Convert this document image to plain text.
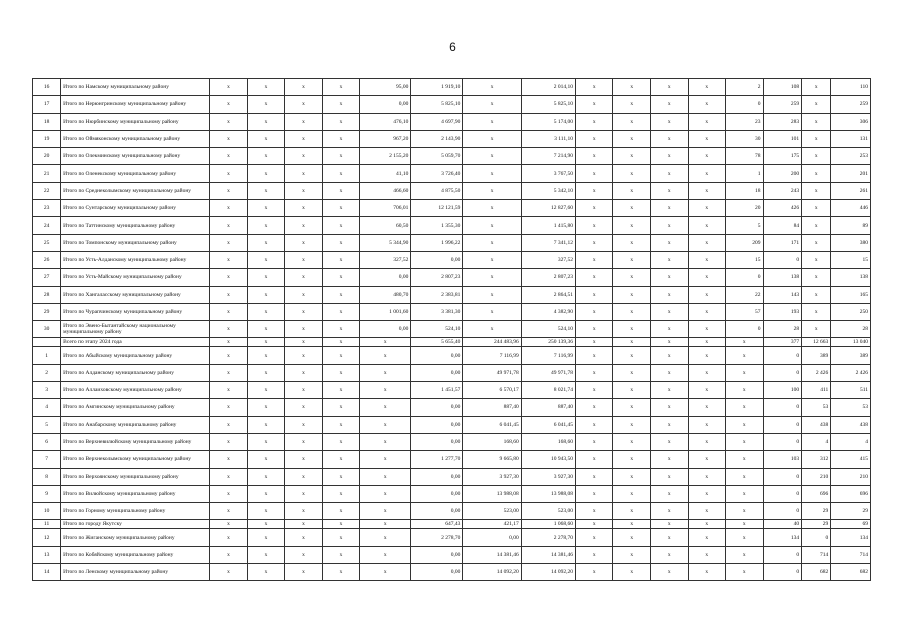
6
16	Итого по Намскому муниципальному району	x	x	x	x	95,00	1 919,10	x	2 014,10	x	x	x	x	2	108	x	110
17	Итого по Нерюнгринскому муниципальному району	x	x	x	x	0,00	5 825,10	x	5 825,10	x	x	x	x	0	259	x	259
18	Итого по Нюрбинскому муниципальному району	x	x	x	x	476,10	4 697,90	x	5 174,00	x	x	x	x	23	283	x	306
19	Итого по Оймяконскому муниципальному району	x	x	x	x	967,20	2 143,90	x	3 111,10	x	x	x	x	30	101	x	131
20	Итого по Олекминскому муниципальному району	x	x	x	x	2 155,20	5 059,70	x	7 214,90	x	x	x	x	78	175	x	253
21	Итого по Оленекскому муниципальному району	x	x	x	x	41,10	3 726,40	x	3 767,50	x	x	x	x	1	200	x	201
22	Итого по Среднеколымскому муниципальному району	x	x	x	x	466,60	4 875,50	x	5 342,10	x	x	x	x	18	243	x	261
23	Итого по Сунтарскому муниципальному району	x	x	x	x	706,01	12 121,59	x	12 827,60	x	x	x	x	20	426	x	446
24	Итого по Таттинскому муниципальному району	x	x	x	x	60,50	1 355,30	x	1 415,80	x	x	x	x	5	84	x	89
25	Итого по Томпонскому муниципальному району	x	x	x	x	5 344,90	1 996,22	x	7 341,12	x	x	x	x	209	171	x	380
26	Итого по Усть-Алданскому муниципальному району	x	x	x	x	327,52	0,00	x	327,52	x	x	x	x	15	0	x	15
27	Итого по Усть-Майскому муниципальному району	x	x	x	x	0,00	2 807,23	x	2 807,23	x	x	x	x	0	138	x	138
28	Итого по Хангаласскому муниципальному району	x	x	x	x	480,70	2 383,81	x	2 864,51	x	x	x	x	22	143	x	165
29	Итого по Чурапчинскому муниципальному району	x	x	x	x	1 001,60	3 381,30	x	4 382,90	x	x	x	x	57	193	x	250
30	Итого по Эвено-Бытантайскому национальному муниципальному району	x	x	x	x	0,00	524,10	x	524,10	x	x	x	x	0	28	x	28
	Всего по этапу 2024 года	x	x	x	x	x	5 655,40	244 483,96	250 139,36	x	x	x	x	x	377	12 663	13 040
1	Итого по Абыйскому муниципальному району	x	x	x	x	x	0,00	7 116,99	7 116,99	x	x	x	x	x	0	389	389
2	Итого по Алданскому муниципальному району	x	x	x	x	x	0,00	49 971,78	49 971,78	x	x	x	x	x	0	2 426	2 426
3	Итого по Аллаиховскому муниципальному району	x	x	x	x	x	1 451,57	6 570,17	8 021,74	x	x	x	x	x	100	411	511
4	Итого по Амгинскому муниципальному району	x	x	x	x	x	0,00	887,40	887,40	x	x	x	x	x	0	53	53
5	Итого по Анабарскому муниципальному району	x	x	x	x	x	0,00	6 041,45	6 041,45	x	x	x	x	x	0	438	438
6	Итого по Верхневилюйскому муниципальному району	x	x	x	x	x	0,00	168,60	168,60	x	x	x	x	x	0	4	4
7	Итого по Верхнеколымскому муниципальному району	x	x	x	x	x	1 277,70	9 665,80	10 943,50	x	x	x	x	x	103	312	415
8	Итого по Верхоянскому муниципальному району	x	x	x	x	x	0,00	3 927,30	3 927,30	x	x	x	x	x	0	210	210
9	Итого по Вилюйскому муниципальному району	x	x	x	x	x	0,00	13 988,08	13 988,08	x	x	x	x	x	0	696	696
10	Итого по Горному муниципальному району	x	x	x	x	x	0,00	523,00	523,00	x	x	x	x	x	0	29	29
11	Итого по городу Якутску	x	x	x	x	x	647,43	421,17	1 068,60	x	x	x	x	x	40	29	69
12	Итого по Жиганскому муниципальному району	x	x	x	x	x	2 278,70	0,00	2 278,70	x	x	x	x	x	134	0	134
13	Итого по Кобяйскому муниципальному району	x	x	x	x	x	0,00	14 381,46	14 381,46	x	x	x	x	x	0	714	714
14	Итого по Ленскому муниципальному району	x	x	x	x	x	0,00	14 092,20	14 092,20	x	x	x	x	x	0	682	682
